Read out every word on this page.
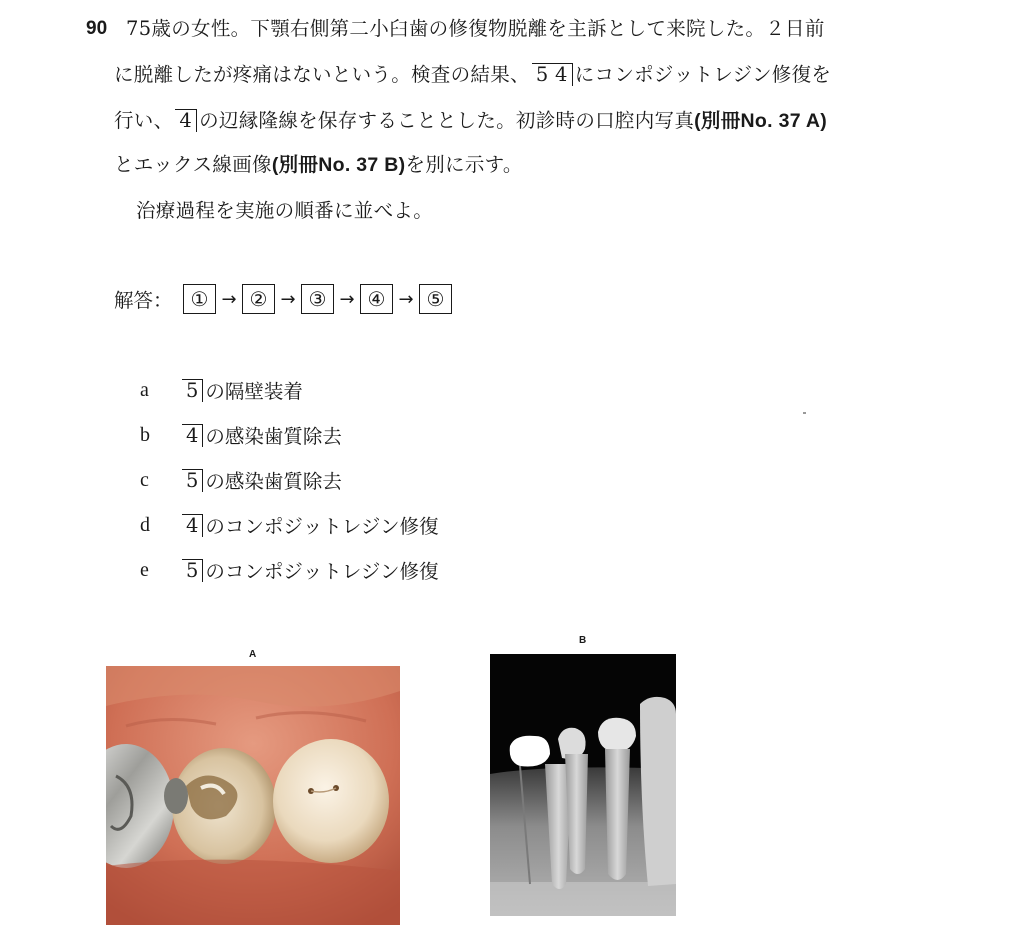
90 75歳の女性。下顎右側第二小臼歯の修復物脱離を主訴として来院した。２日前
に脱離したが疼痛はないという。検査の結果、 5 4 にコンポジットレジン修復を
行い、 4 の辺縁隆線を保存することとした。初診時の口腔内写真(別冊No. 37 A)
とエックス線画像(別冊No. 37 B)を別に示す。
治療過程を実施の順番に並べよ。
解答： ① → ② → ③ → ④ → ⑤
a	5 の隔壁装着
b	4 の感染歯質除去
c	5 の感染歯質除去
d	4 のコンポジットレジン修復
e	5 のコンポジットレジン修復
A
B
